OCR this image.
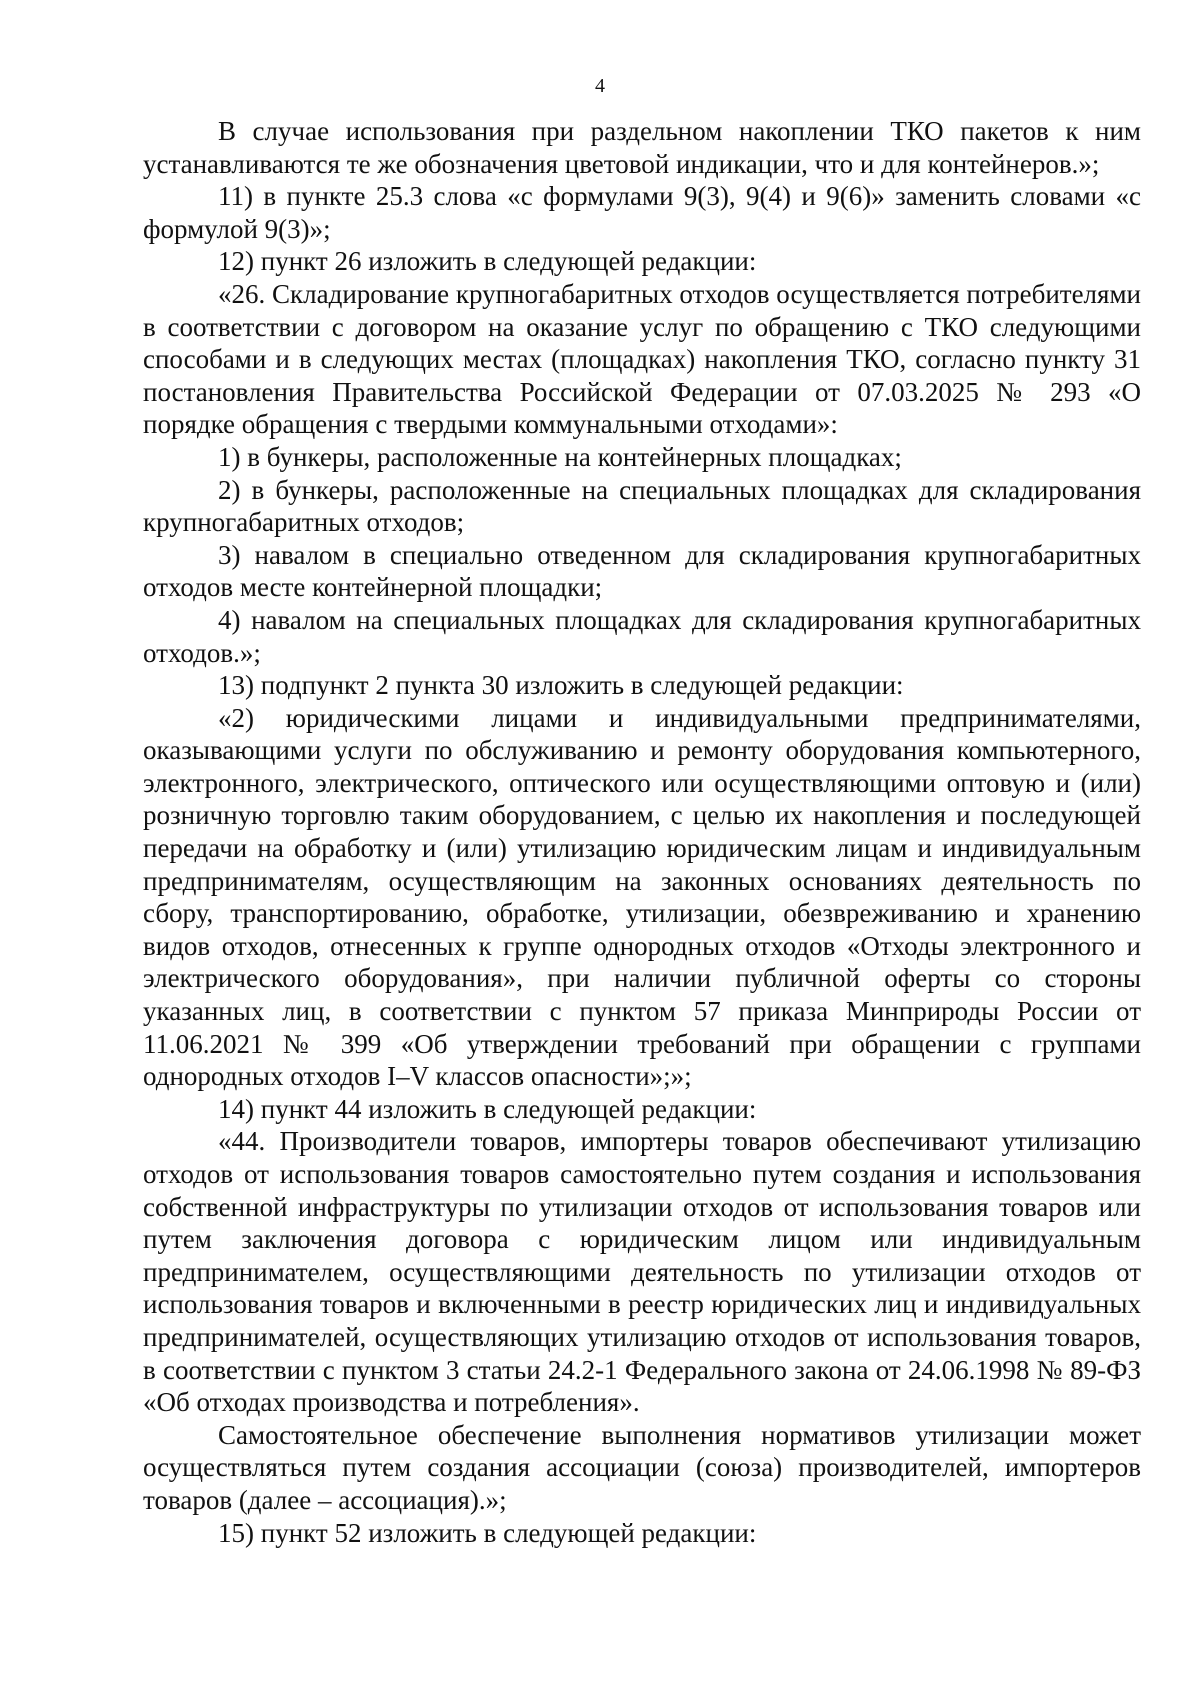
4

В случае использования при раздельном накоплении ТКО пакетов к ним устанавливаются те же обозначения цветовой индикации, что и для контейнеров.»;

11) в пункте 25.3 слова «с формулами 9(3), 9(4) и 9(6)» заменить словами «с формулой 9(3)»;

12) пункт 26 изложить в следующей редакции:

«26. Складирование крупногабаритных отходов осуществляется потребителями в соответствии с договором на оказание услуг по обращению с ТКО следующими способами и в следующих местах (площадках) накопления ТКО, согласно пункту 31 постановления Правительства Российской Федерации от 07.03.2025 № 293 «О порядке обращения с твердыми коммунальными отходами»:

1) в бункеры, расположенные на контейнерных площадках;

2) в бункеры, расположенные на специальных площадках для складирования крупногабаритных отходов;

3) навалом в специально отведенном для складирования крупногабаритных отходов месте контейнерной площадки;

4) навалом на специальных площадках для складирования крупногабаритных отходов.»;

13) подпункт 2 пункта 30 изложить в следующей редакции:

«2) юридическими лицами и индивидуальными предпринимателями, оказывающими услуги по обслуживанию и ремонту оборудования компьютерного, электронного, электрического, оптического или осуществляющими оптовую и (или) розничную торговлю таким оборудованием, с целью их накопления и последующей передачи на обработку и (или) утилизацию юридическим лицам и индивидуальным предпринимателям, осуществляющим на законных основаниях деятельность по сбору, транспортированию, обработке, утилизации, обезвреживанию и хранению видов отходов, отнесенных к группе однородных отходов «Отходы электронного и электрического оборудования», при наличии публичной оферты со стороны указанных лиц, в соответствии с пунктом 57 приказа Минприроды России от 11.06.2021 № 399 «Об утверждении требований при обращении с группами однородных отходов I–V классов опасности»;»;

14) пункт 44 изложить в следующей редакции:

«44. Производители товаров, импортеры товаров обеспечивают утилизацию отходов от использования товаров самостоятельно путем создания и использования собственной инфраструктуры по утилизации отходов от использования товаров или путем заключения договора с юридическим лицом или индивидуальным предпринимателем, осуществляющими деятельность по утилизации отходов от использования товаров и включенными в реестр юридических лиц и индивидуальных предпринимателей, осуществляющих утилизацию отходов от использования товаров, в соответствии с пунктом 3 статьи 24.2-1 Федерального закона от 24.06.1998 № 89-ФЗ «Об отходах производства и потребления».

Самостоятельное обеспечение выполнения нормативов утилизации может осуществляться путем создания ассоциации (союза) производителей, импортеров товаров (далее – ассоциация).»;

15) пункт 52 изложить в следующей редакции:
